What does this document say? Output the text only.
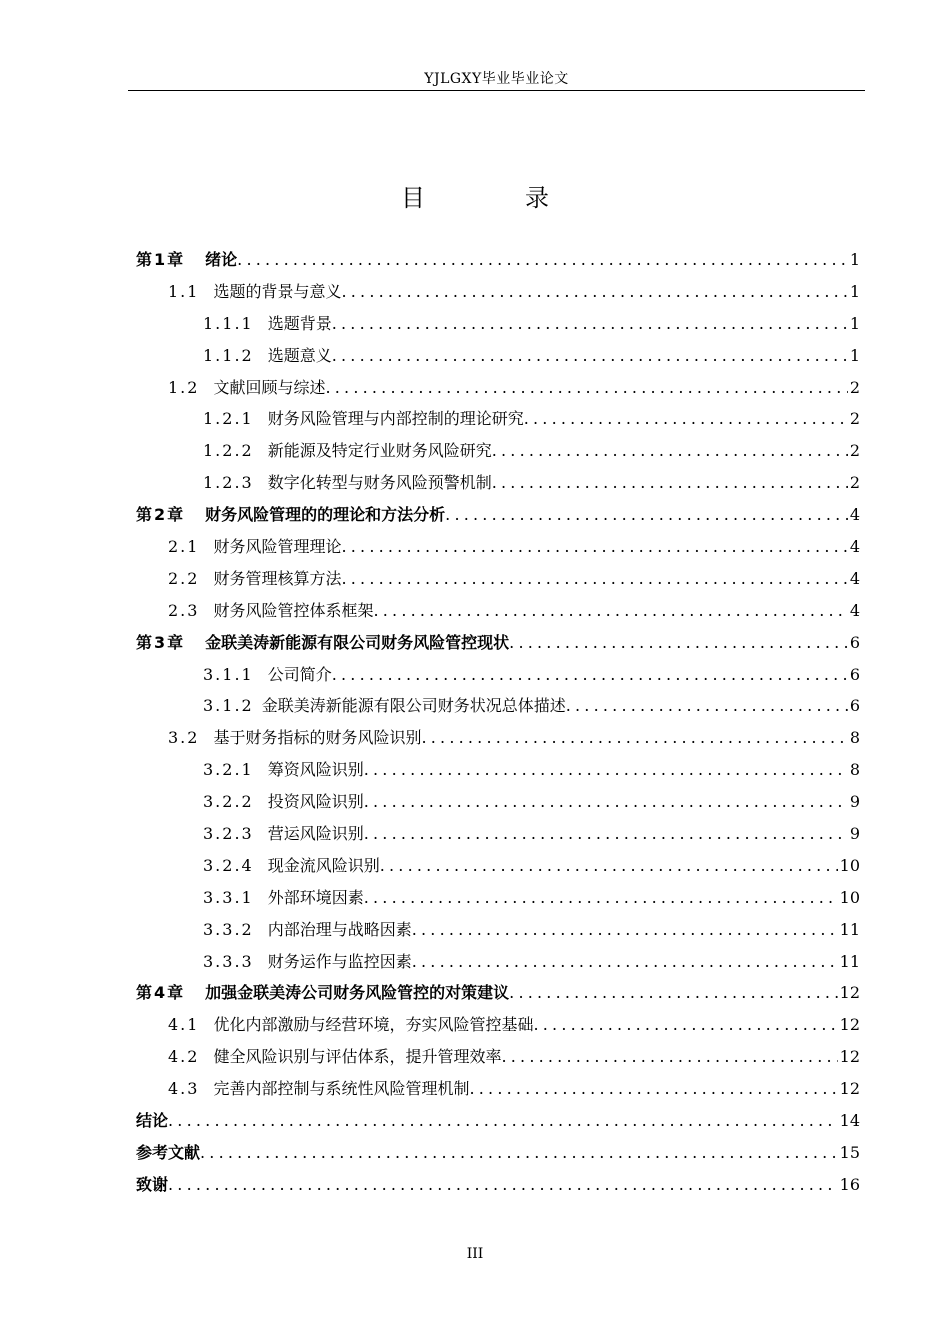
YJLGXY毕业毕业论文
目　录
第1章 绪论 .....	1
1.1 选题的背景与意义 .....	1
1.1.1 选题背景 .....	1
1.1.2 选题意义 .....	1
1.2 文献回顾与综述 .....	2
1.2.1 财务风险管理与内部控制的理论研究 .....	2
1.2.2 新能源及特定行业财务风险研究 .....	2
1.2.3 数字化转型与财务风险预警机制 .....	2
第2章 财务风险管理的的理论和方法分析 .....	4
2.1 财务风险管理理论 .....	4
2.2 财务管理核算方法 .....	4
2.3 财务风险管控体系框架 .....	4
第3章 金联美涛新能源有限公司财务风险管控现状 .....	6
3.1.1 公司简介 .....	6
3.1.2 金联美涛新能源有限公司财务状况总体描述 .....	6
3.2 基于财务指标的财务风险识别 .....	8
3.2.1 筹资风险识别 .....	8
3.2.2 投资风险识别 .....	9
3.2.3 营运风险识别 .....	9
3.2.4 现金流风险识别 .....	10
3.3.1 外部环境因素 .....	10
3.3.2 内部治理与战略因素 .....	11
3.3.3 财务运作与监控因素 .....	11
第4章 加强金联美涛公司财务风险管控的对策建议 .....	12
4.1 优化内部激励与经营环境，夯实风险管控基础 .....	12
4.2 健全风险识别与评估体系，提升管理效率 .....	12
4.3 完善内部控制与系统性风险管理机制 .....	12
结论 .....	14
参考文献 .....	15
致谢 .....	16
III
